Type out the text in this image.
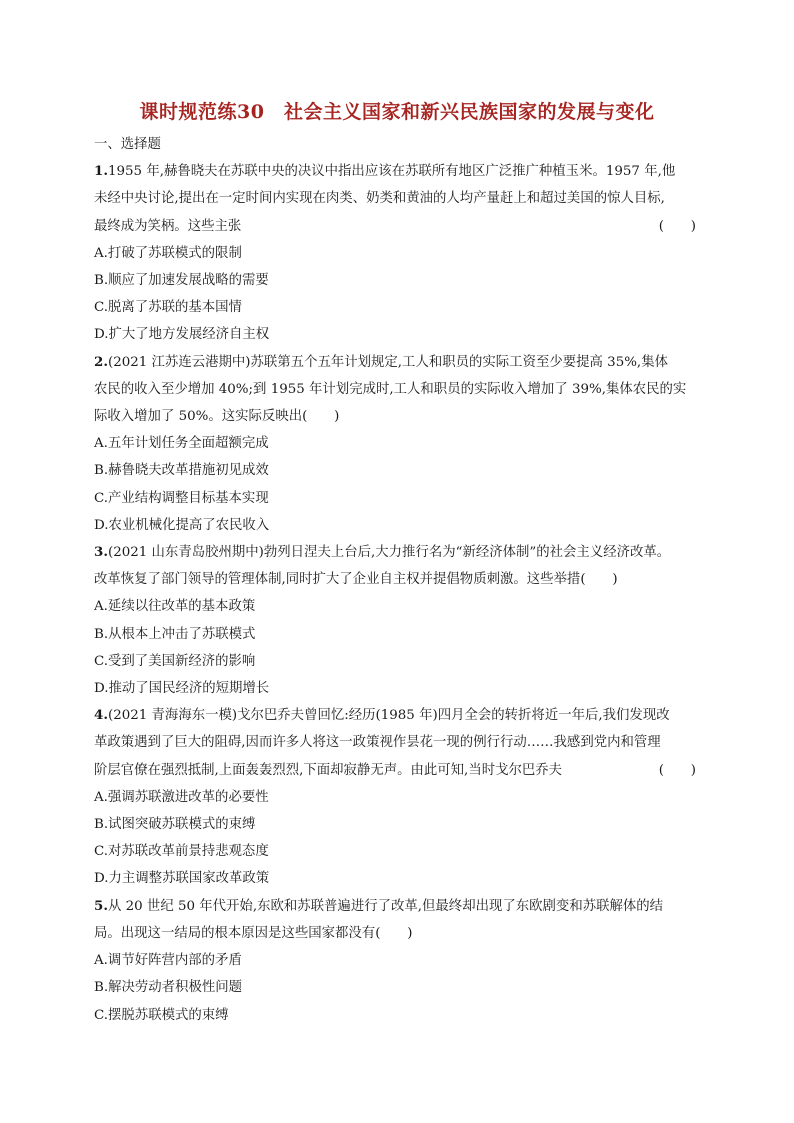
课时规范练30　社会主义国家和新兴民族国家的发展与变化

一、选择题

1.1955 年,赫鲁晓夫在苏联中央的决议中指出应该在苏联所有地区广泛推广种植玉米。1957 年,他

未经中央讨论,提出在一定时间内实现在肉类、奶类和黄油的人均产量赶上和超过美国的惊人目标,

最终成为笑柄。这些主张	(　　)

A.打破了苏联模式的限制

B.顺应了加速发展战略的需要

C.脱离了苏联的基本国情

D.扩大了地方发展经济自主权

2.(2021 江苏连云港期中)苏联第五个五年计划规定,工人和职员的实际工资至少要提高 35%,集体

农民的收入至少增加 40%;到 1955 年计划完成时,工人和职员的实际收入增加了 39%,集体农民的实

际收入增加了 50%。这实际反映出(　　)

A.五年计划任务全面超额完成

B.赫鲁晓夫改革措施初见成效

C.产业结构调整目标基本实现

D.农业机械化提高了农民收入

3.(2021 山东青岛胶州期中)勃列日涅夫上台后,大力推行名为“新经济体制”的社会主义经济改革。

改革恢复了部门领导的管理体制,同时扩大了企业自主权并提倡物质刺激。这些举措(　　)

A.延续以往改革的基本政策

B.从根本上冲击了苏联模式

C.受到了美国新经济的影响

D.推动了国民经济的短期增长

4.(2021 青海海东一模)戈尔巴乔夫曾回忆:经历(1985 年)四月全会的转折将近一年后,我们发现改

革政策遇到了巨大的阻碍,因而许多人将这一政策视作昙花一现的例行行动……我感到党内和管理

阶层官僚在强烈抵制,上面轰轰烈烈,下面却寂静无声。由此可知,当时戈尔巴乔夫	(　　)

A.强调苏联激进改革的必要性

B.试图突破苏联模式的束缚

C.对苏联改革前景持悲观态度

D.力主调整苏联国家改革政策

5.从 20 世纪 50 年代开始,东欧和苏联普遍进行了改革,但最终却出现了东欧剧变和苏联解体的结

局。出现这一结局的根本原因是这些国家都没有(　　)

A.调节好阵营内部的矛盾

B.解决劳动者积极性问题

C.摆脱苏联模式的束缚
